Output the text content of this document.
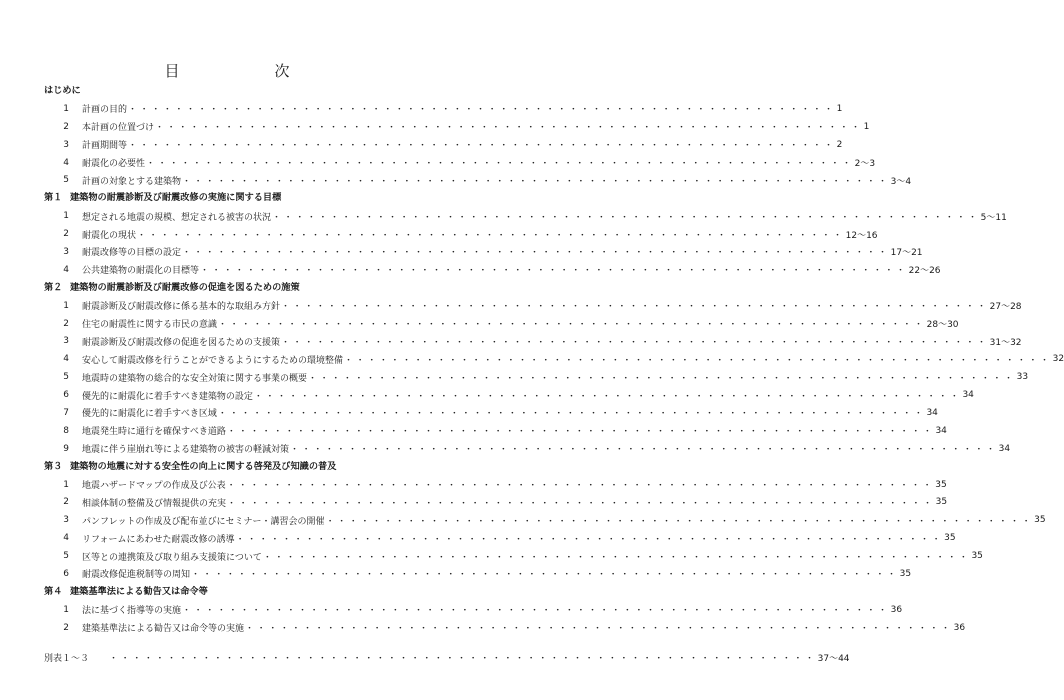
目　次
はじめに
1	計画の目的 ・・・・・・・・・・・・・・・・・・・・・・・・・・・・・・・・・・・・・・・・・・・・・・・・・・・・・・・・・・・・・ 1
2	本計画の位置づけ ・・・・・・・・・・・・・・・・・・・・・・・・・・・・・・・・・・・・・・・・・・・・・・・・・・・・・・・・・・・・・ 1
3	計画期間等 ・・・・・・・・・・・・・・・・・・・・・・・・・・・・・・・・・・・・・・・・・・・・・・・・・・・・・・・・・・・・・ 2
4	耐震化の必要性 ・・・・・・・・・・・・・・・・・・・・・・・・・・・・・・・・・・・・・・・・・・・・・・・・・・・・・・・・・・・・・ 2～3
5	計画の対象とする建築物 ・・・・・・・・・・・・・・・・・・・・・・・・・・・・・・・・・・・・・・・・・・・・・・・・・・・・・・・・・・・・・ 3～4
第１ 建築物の耐震診断及び耐震改修の実施に関する目標
1	想定される地震の規模、想定される被害の状況 ・・・・・・・・・・・・・・・・・・・・・・・・・・・・・・・・・・・・・・・・・・・・・・・・・・・・・・・・・・・・・ 5～11
2	耐震化の現状 ・・・・・・・・・・・・・・・・・・・・・・・・・・・・・・・・・・・・・・・・・・・・・・・・・・・・・・・・・・・・・ 12～16
3	耐震改修等の目標の設定 ・・・・・・・・・・・・・・・・・・・・・・・・・・・・・・・・・・・・・・・・・・・・・・・・・・・・・・・・・・・・・ 17～21
4	公共建築物の耐震化の目標等 ・・・・・・・・・・・・・・・・・・・・・・・・・・・・・・・・・・・・・・・・・・・・・・・・・・・・・・・・・・・・・ 22～26
第２ 建築物の耐震診断及び耐震改修の促進を図るための施策
1	耐震診断及び耐震改修に係る基本的な取組み方針 ・・・・・・・・・・・・・・・・・・・・・・・・・・・・・・・・・・・・・・・・・・・・・・・・・・・・・・・・・・・・・ 27～28
2	住宅の耐震性に関する市民の意識 ・・・・・・・・・・・・・・・・・・・・・・・・・・・・・・・・・・・・・・・・・・・・・・・・・・・・・・・・・・・・・ 28～30
3	耐震診断及び耐震改修の促進を図るための支援策 ・・・・・・・・・・・・・・・・・・・・・・・・・・・・・・・・・・・・・・・・・・・・・・・・・・・・・・・・・・・・・ 31～32
4	安心して耐震改修を行うことができるようにするための環境整備 ・・・・・・・・・・・・・・・・・・・・・・・・・・・・・・・・・・・・・・・・・・・・・・・・・・・・・・・・・・・・・ 32
5	地震時の建築物の総合的な安全対策に関する事業の概要 ・・・・・・・・・・・・・・・・・・・・・・・・・・・・・・・・・・・・・・・・・・・・・・・・・・・・・・・・・・・・・ 33
6	優先的に耐震化に着手すべき建築物の設定 ・・・・・・・・・・・・・・・・・・・・・・・・・・・・・・・・・・・・・・・・・・・・・・・・・・・・・・・・・・・・・ 34
7	優先的に耐震化に着手すべき区域 ・・・・・・・・・・・・・・・・・・・・・・・・・・・・・・・・・・・・・・・・・・・・・・・・・・・・・・・・・・・・・ 34
8	地震発生時に通行を確保すべき道路 ・・・・・・・・・・・・・・・・・・・・・・・・・・・・・・・・・・・・・・・・・・・・・・・・・・・・・・・・・・・・・ 34
9	地震に伴う崖崩れ等による建築物の被害の軽減対策 ・・・・・・・・・・・・・・・・・・・・・・・・・・・・・・・・・・・・・・・・・・・・・・・・・・・・・・・・・・・・・ 34
第３ 建築物の地震に対する安全性の向上に関する啓発及び知識の普及
1	地震ハザードマップの作成及び公表 ・・・・・・・・・・・・・・・・・・・・・・・・・・・・・・・・・・・・・・・・・・・・・・・・・・・・・・・・・・・・・ 35
2	相談体制の整備及び情報提供の充実 ・・・・・・・・・・・・・・・・・・・・・・・・・・・・・・・・・・・・・・・・・・・・・・・・・・・・・・・・・・・・・ 35
3	パンフレットの作成及び配布並びにセミナー・講習会の開催 ・・・・・・・・・・・・・・・・・・・・・・・・・・・・・・・・・・・・・・・・・・・・・・・・・・・・・・・・・・・・・ 35
4	リフォームにあわせた耐震改修の誘導 ・・・・・・・・・・・・・・・・・・・・・・・・・・・・・・・・・・・・・・・・・・・・・・・・・・・・・・・・・・・・・ 35
5	区等との連携策及び取り組み支援策について ・・・・・・・・・・・・・・・・・・・・・・・・・・・・・・・・・・・・・・・・・・・・・・・・・・・・・・・・・・・・・ 35
6	耐震改修促進税制等の周知 ・・・・・・・・・・・・・・・・・・・・・・・・・・・・・・・・・・・・・・・・・・・・・・・・・・・・・・・・・・・・・ 35
第４ 建築基準法による勧告又は命令等
1	法に基づく指導等の実施 ・・・・・・・・・・・・・・・・・・・・・・・・・・・・・・・・・・・・・・・・・・・・・・・・・・・・・・・・・・・・・ 36
2	建築基準法による勧告又は命令等の実施 ・・・・・・・・・・・・・・・・・・・・・・・・・・・・・・・・・・・・・・・・・・・・・・・・・・・・・・・・・・・・・ 36
別表１～３ ・・・・・・・・・・・・・・・・・・・・・・・・・・・・・・・・・・・・・・・・・・・・・・・・・・・・・・・・・・・・・ 37～44
